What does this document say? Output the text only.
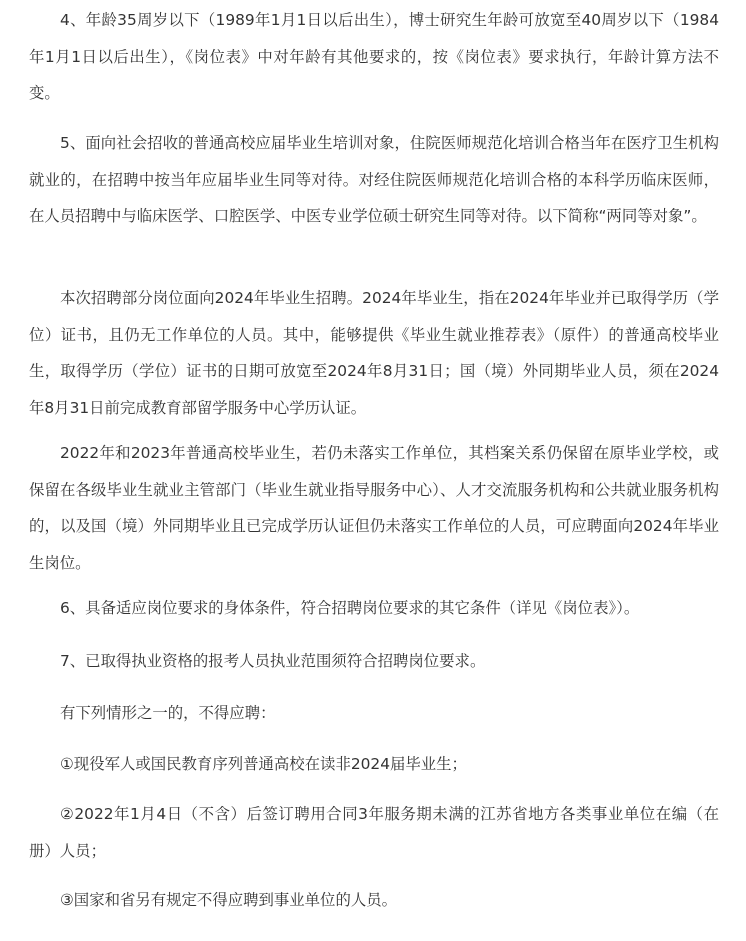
4、年龄35周岁以下（1989年1月1日以后出生），博士研究生年龄可放宽至40周岁以下（1984年1月1日以后出生），《岗位表》中对年龄有其他要求的，按《岗位表》要求执行，年龄计算方法不变。

5、面向社会招收的普通高校应届毕业生培训对象，住院医师规范化培训合格当年在医疗卫生机构就业的，在招聘中按当年应届毕业生同等对待。对经住院医师规范化培训合格的本科学历临床医师，在人员招聘中与临床医学、口腔医学、中医专业学位硕士研究生同等对待。以下简称“两同等对象”。

本次招聘部分岗位面向2024年毕业生招聘。2024年毕业生，指在2024年毕业并已取得学历（学位）证书，且仍无工作单位的人员。其中，能够提供《毕业生就业推荐表》（原件）的普通高校毕业生，取得学历（学位）证书的日期可放宽至2024年8月31日；国（境）外同期毕业人员，须在2024年8月31日前完成教育部留学服务中心学历认证。

2022年和2023年普通高校毕业生，若仍未落实工作单位，其档案关系仍保留在原毕业学校，或保留在各级毕业生就业主管部门（毕业生就业指导服务中心）、人才交流服务机构和公共就业服务机构的，以及国（境）外同期毕业且已完成学历认证但仍未落实工作单位的人员，可应聘面向2024年毕业生岗位。

6、具备适应岗位要求的身体条件，符合招聘岗位要求的其它条件（详见《岗位表》）。

7、已取得执业资格的报考人员执业范围须符合招聘岗位要求。

有下列情形之一的，不得应聘：

①现役军人或国民教育序列普通高校在读非2024届毕业生；

②2022年1月4日（不含）后签订聘用合同3年服务期未满的江苏省地方各类事业单位在编（在册）人员；

③国家和省另有规定不得应聘到事业单位的人员。
